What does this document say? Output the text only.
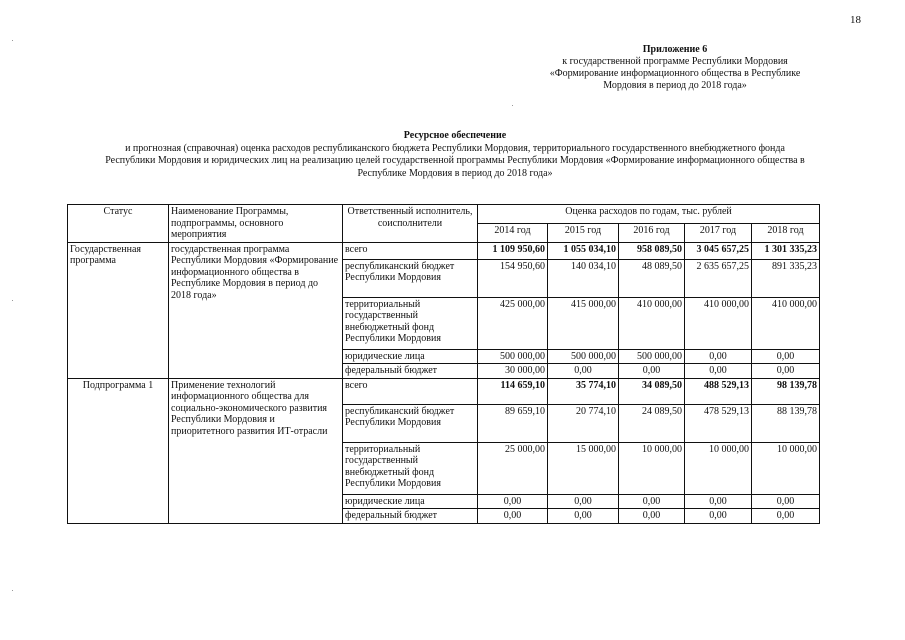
18
Приложение 6
к государственной программе Республики Мордовия
«Формирование информационного общества в Республике
Мордовия в период до 2018 года»
Ресурсное обеспечение
и прогнозная (справочная) оценка расходов республиканского бюджета Республики Мордовия, территориального государственного внебюджетного фонда
Республики Мордовия и юридических лиц на реализацию целей государственной программы Республики Мордовия «Формирование информационного общества в
Республике Мордовия в период до 2018 года»
Статус	Наименование Программы, подпрограммы, основного мероприятия	Ответственный исполнитель, соисполнители	Оценка расходов по годам, тыс. рублей				
			2014 год	2015 год	2016 год	2017 год	2018 год
Государственная программа	государственная программа Республики Мордовия «Формирование информационного общества в Республике Мордовия в период до 2018 года»	всего	1 109 950,60	1 055 034,10	958 089,50	3 045 657,25	1 301 335,23
		республиканский бюджет Республики Мордовия	154 950,60	140 034,10	48 089,50	2 635 657,25	891 335,23
		территориальный государственный внебюджетный фонд Республики Мордовия	425 000,00	415 000,00	410 000,00	410 000,00	410 000,00
		юридические лица	500 000,00	500 000,00	500 000,00	0,00	0,00
		федеральный бюджет	30 000,00	0,00	0,00	0,00	0,00
Подпрограмма 1	Применение технологий информационного общества для социально-экономического развития Республики Мордовия и приоритетного развития ИТ-отрасли	всего	114 659,10	35 774,10	34 089,50	488 529,13	98 139,78
		республиканский бюджет Республики Мордовия	89 659,10	20 774,10	24 089,50	478 529,13	88 139,78
		территориальный государственный внебюджетный фонд Республики Мордовия	25 000,00	15 000,00	10 000,00	10 000,00	10 000,00
		юридические лица	0,00	0,00	0,00	0,00	0,00
		федеральный бюджет	0,00	0,00	0,00	0,00	0,00
